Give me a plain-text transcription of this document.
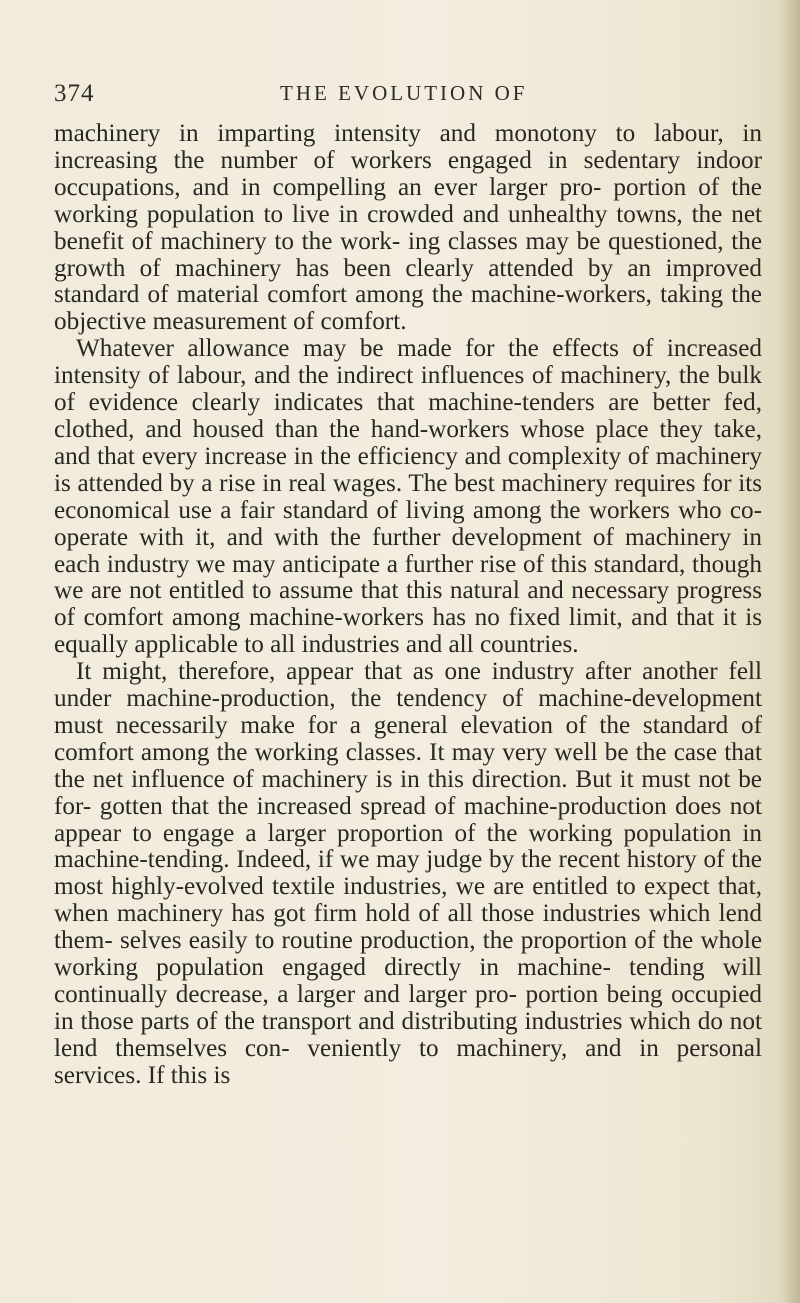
374	THE EVOLUTION OF

machinery in imparting intensity and monotony to labour, in increasing the number of workers engaged in sedentary indoor occupations, and in compelling an ever larger pro- portion of the working population to live in crowded and unhealthy towns, the net benefit of machinery to the work- ing classes may be questioned, the growth of machinery has been clearly attended by an improved standard of material comfort among the machine-workers, taking the objective measurement of comfort.

Whatever allowance may be made for the effects of increased intensity of labour, and the indirect influences of machinery, the bulk of evidence clearly indicates that machine-tenders are better fed, clothed, and housed than the hand-workers whose place they take, and that every increase in the efficiency and complexity of machinery is attended by a rise in real wages. The best machinery requires for its economical use a fair standard of living among the workers who co-operate with it, and with the further development of machinery in each industry we may anticipate a further rise of this standard, though we are not entitled to assume that this natural and necessary progress of comfort among machine-workers has no fixed limit, and that it is equally applicable to all industries and all countries.

It might, therefore, appear that as one industry after another fell under machine-production, the tendency of machine-development must necessarily make for a general elevation of the standard of comfort among the working classes. It may very well be the case that the net influence of machinery is in this direction. But it must not be for- gotten that the increased spread of machine-production does not appear to engage a larger proportion of the working population in machine-tending. Indeed, if we may judge by the recent history of the most highly-evolved textile industries, we are entitled to expect that, when machinery has got firm hold of all those industries which lend them- selves easily to routine production, the proportion of the whole working population engaged directly in machine- tending will continually decrease, a larger and larger pro- portion being occupied in those parts of the transport and distributing industries which do not lend themselves con- veniently to machinery, and in personal services. If this is
